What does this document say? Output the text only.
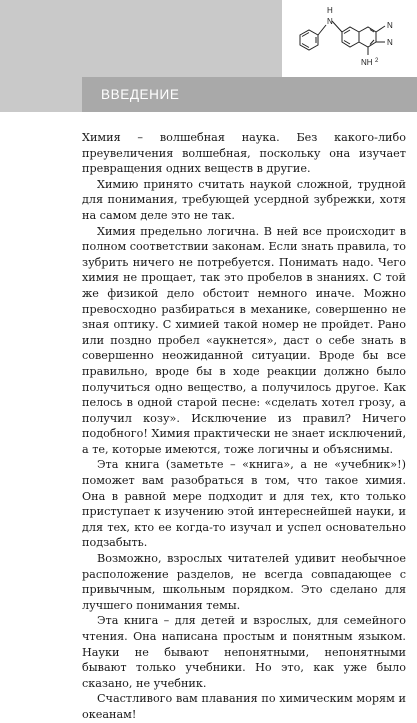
ВВЕДЕНИЕ
H
N	N
N
NH 2

Химия – волшебная наука. Без какого-либо преувеличения волшебная, поскольку она изучает превращения одних веществ в другие.

Химию принято считать наукой сложной, трудной для понимания, требующей усердной зубрежки, хотя на самом деле это не так.

Химия предельно логична. В ней все происходит в полном соответствии законам. Если знать правила, то зубрить ничего не потребуется. Понимать надо. Чего химия не прощает, так это пробелов в знаниях. С той же физикой дело обстоит немного иначе. Можно превосходно разбираться в механике, совершенно не зная оптику. С химией такой номер не пройдет. Рано или поздно пробел «аукнется», даст о себе знать в совершенно неожиданной ситуации. Вроде бы все правильно, вроде бы в ходе реакции должно было получиться одно вещество, а получилось другое. Как пелось в одной старой песне: «сделать хотел грозу, а получил козу». Исключение из правил? Ничего подобного! Химия практически не знает исключений, а те, которые имеются, тоже логичны и объяснимы.

Эта книга (заметьте – «книга», а не «учебник»!) поможет вам разобраться в том, что такое химия. Она в равной мере подходит и для тех, кто только приступает к изучению этой интереснейшей науки, и для тех, кто ее когда-то изучал и успел основательно подзабыть.

Возможно, взрослых читателей удивит необычное расположение разделов, не всегда совпадающее с привычным, школьным порядком. Это сделано для лучшего понимания темы.

Эта книга – для детей и взрослых, для семейного чтения. Она написана простым и понятным языком. Науки не бывают непонятными, непонятными бывают только учебники. Но это, как уже было сказано, не учебник.

Счастливого вам плавания по химическим морям и океанам!
